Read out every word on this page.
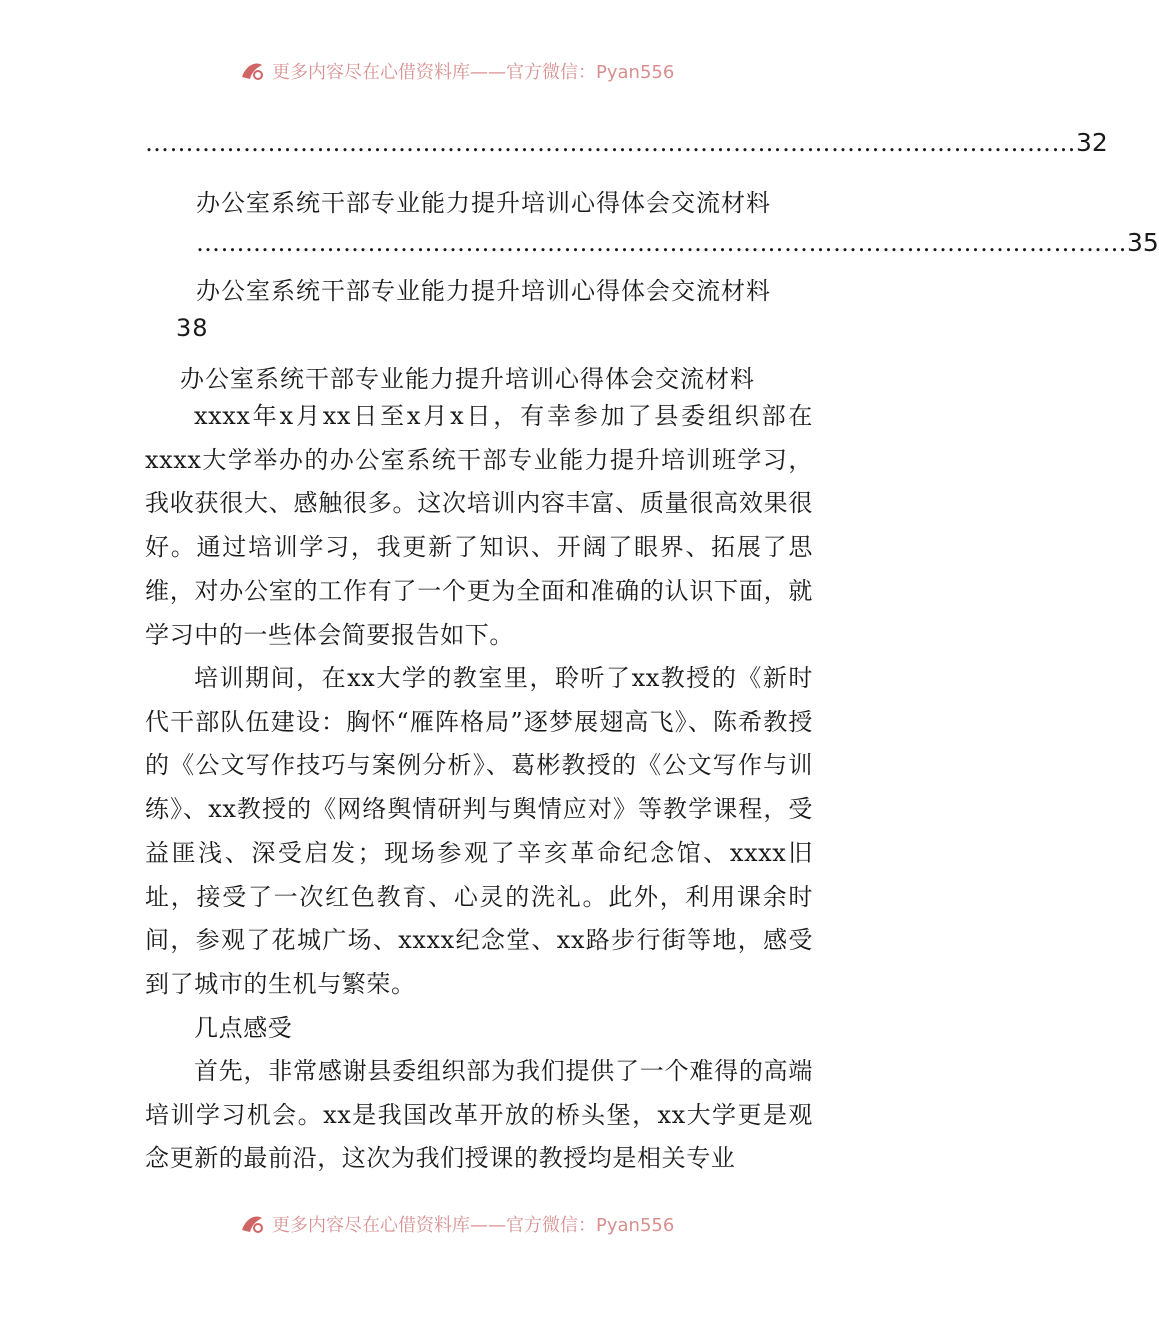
更多内容尽在心借资料库——官方微信：Pyan556
…………………………………………………………………………………………………… 32
办公室系统干部专业能力提升培训心得体会交流材料
…………………………………………………………………………………………………… 35
办公室系统干部专业能力提升培训心得体会交流材料
38
办公室系统干部专业能力提升培训心得体会交流材料

xxxx年x月xx日至x月x日，有幸参加了县委组织部在xxxx大学举办的办公室系统干部专业能力提升培训班学习，我收获很大、感触很多。这次培训内容丰富、质量很高效果很好。通过培训学习，我更新了知识、开阔了眼界、拓展了思维，对办公室的工作有了一个更为全面和准确的认识下面，就学习中的一些体会简要报告如下。

培训期间，在xx大学的教室里，聆听了xx教授的《新时代干部队伍建设：胸怀“雁阵格局”逐梦展翅高飞》、陈希教授的《公文写作技巧与案例分析》、葛彬教授的《公文写作与训练》、xx教授的《网络舆情研判与舆情应对》等教学课程，受益匪浅、深受启发；现场参观了辛亥革命纪念馆、xxxx旧址，接受了一次红色教育、心灵的洗礼。此外，利用课余时间，参观了花城广场、xxxx纪念堂、xx路步行街等地，感受到了城市的生机与繁荣。

几点感受

首先，非常感谢县委组织部为我们提供了一个难得的高端培训学习机会。xx是我国改革开放的桥头堡，xx大学更是观念更新的最前沿，这次为我们授课的教授均是相关专业

更多内容尽在心借资料库——官方微信：Pyan556
